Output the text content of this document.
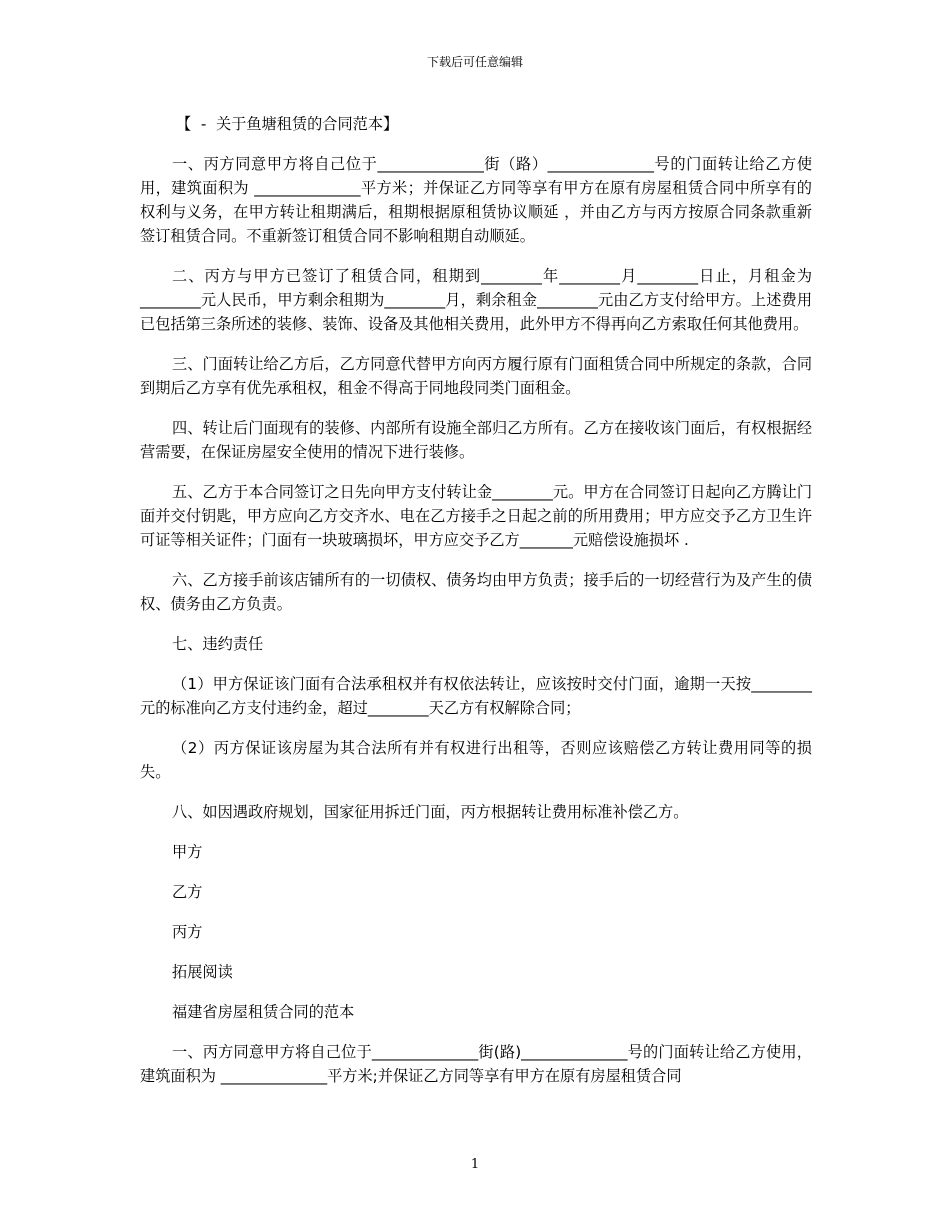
下载后可任意编辑

【  -  关于鱼塘租赁的合同范本】

一、丙方同意甲方将自己位于______________街（路）______________号的门面转让给乙方使用，建筑面积为 ______________平方米；并保证乙方同等享有甲方在原有房屋租赁合同中所享有的权利与义务，在甲方转让租期满后，租期根据原租赁协议顺延 ，并由乙方与丙方按原合同条款重新签订租赁合同。不重新签订租赁合同不影响租期自动顺延。

二、丙方与甲方已签订了租赁合同，租期到________年________月________日止，月租金为________元人民币，甲方剩余租期为________月，剩余租金________元由乙方支付给甲方。上述费用已包括第三条所述的装修、装饰、设备及其他相关费用，此外甲方不得再向乙方索取任何其他费用。

三、门面转让给乙方后，乙方同意代替甲方向丙方履行原有门面租赁合同中所规定的条款，合同到期后乙方享有优先承租权，租金不得高于同地段同类门面租金。

四、转让后门面现有的装修、内部所有设施全部归乙方所有。乙方在接收该门面后，有权根据经营需要，在保证房屋安全使用的情况下进行装修。

五、乙方于本合同签订之日先向甲方支付转让金________元。甲方在合同签订日起向乙方腾让门面并交付钥匙，甲方应向乙方交齐水、电在乙方接手之日起之前的所用费用；甲方应交予乙方卫生许可证等相关证件；门面有一块玻璃损坏，甲方应交予乙方_______元赔偿设施损坏 .

六、乙方接手前该店铺所有的一切债权、债务均由甲方负责；接手后的一切经营行为及产生的债权、债务由乙方负责。

七、违约责任

（1）甲方保证该门面有合法承租权并有权依法转让，应该按时交付门面，逾期一天按________元的标准向乙方支付违约金，超过________天乙方有权解除合同；

（2）丙方保证该房屋为其合法所有并有权进行出租等，否则应该赔偿乙方转让费用同等的损失。

八、如因遇政府规划，国家征用拆迁门面，丙方根据转让费用标准补偿乙方。

甲方

乙方

丙方

拓展阅读

福建省房屋租赁合同的范本

一、丙方同意甲方将自己位于______________街(路)______________号的门面转让给乙方使用，建筑面积为 ______________平方米;并保证乙方同等享有甲方在原有房屋租赁合同

1
